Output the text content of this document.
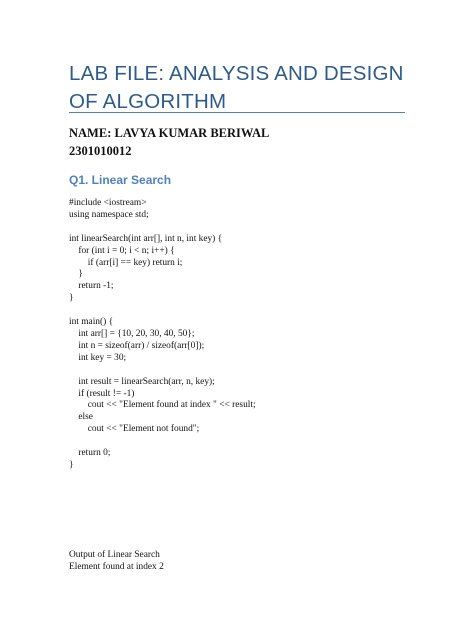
LAB FILE: ANALYSIS AND DESIGN OF ALGORITHM
NAME: LAVYA KUMAR BERIWAL
2301010012
Q1. Linear Search
#include <iostream>
using namespace std;

int linearSearch(int arr[], int n, int key) {
for (int i = 0; i < n; i++) {
if (arr[i] == key) return i;
}
return -1;
}

int main() {
int arr[] = {10, 20, 30, 40, 50};
int n = sizeof(arr) / sizeof(arr[0]);
int key = 30;

int result = linearSearch(arr, n, key);
if (result != -1)
cout << "Element found at index " << result;
else
cout << "Element not found";

return 0;
}
Output of Linear Search
Element found at index 2
